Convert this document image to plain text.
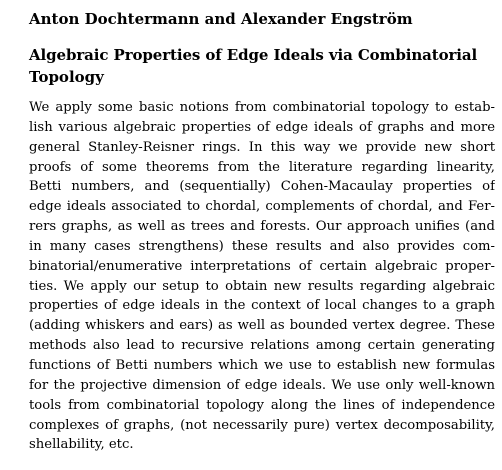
Anton Dochtermann and Alexander Engström
Algebraic Properties of Edge Ideals via Combinatorial
Topology
We apply some basic notions from combinatorial topology to estab-
lish various algebraic properties of edge ideals of graphs and more
general Stanley-Reisner rings. In this way we provide new short
proofs of some theorems from the literature regarding linearity,
Betti numbers, and (sequentially) Cohen-Macaulay properties of
edge ideals associated to chordal, complements of chordal, and Fer-
rers graphs, as well as trees and forests. Our approach unifies (and
in many cases strengthens) these results and also provides com-
binatorial/enumerative interpretations of certain algebraic proper-
ties. We apply our setup to obtain new results regarding algebraic
properties of edge ideals in the context of local changes to a graph
(adding whiskers and ears) as well as bounded vertex degree. These
methods also lead to recursive relations among certain generating
functions of Betti numbers which we use to establish new formulas
for the projective dimension of edge ideals. We use only well-known
tools from combinatorial topology along the lines of independence
complexes of graphs, (not necessarily pure) vertex decomposability,
shellability, etc.
